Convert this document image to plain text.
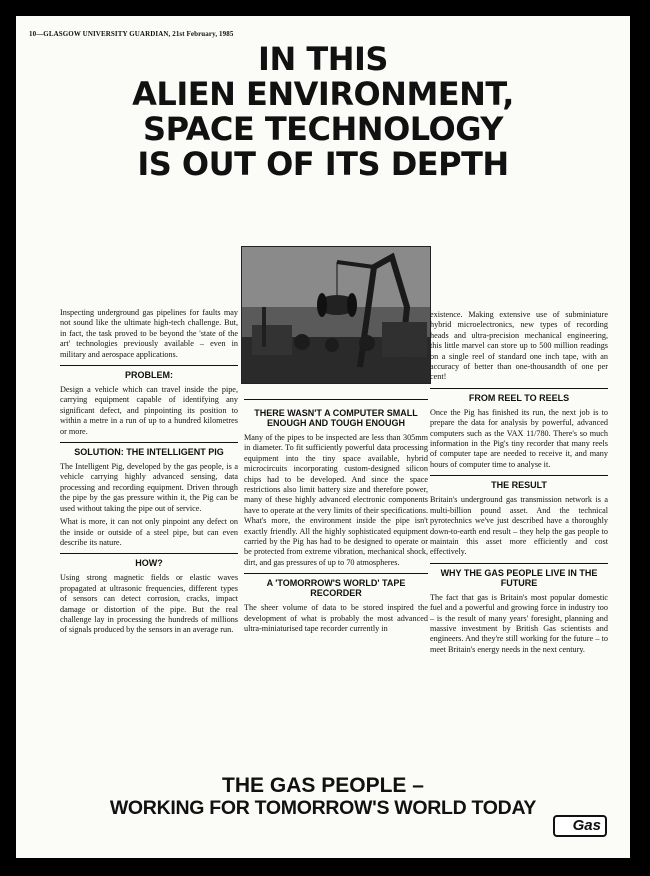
10—GLASGOW UNIVERSITY GUARDIAN, 21st February, 1985
IN THIS
ALIEN ENVIRONMENT,
SPACE TECHNOLOGY
IS OUT OF ITS DEPTH

Inspecting underground gas pipelines for faults may not sound like the ultimate high-tech challenge. But, in fact, the task proved to be beyond the 'state of the art' technologies previously available – even in military and aerospace applications.

PROBLEM:

Design a vehicle which can travel inside the pipe, carrying equipment capable of identifying any significant defect, and pinpointing its position to within a metre in a run of up to a hundred kilometres or more.

SOLUTION: THE INTELLIGENT PIG

The Intelligent Pig, developed by the gas people, is a vehicle carrying highly advanced sensing, data processing and recording equipment. Driven through the pipe by the gas pressure within it, the Pig can be used without taking the pipe out of service.

What is more, it can not only pinpoint any defect on the inside or outside of a steel pipe, but can even describe its nature.

HOW?

Using strong magnetic fields or elastic waves propagated at ultrasonic frequencies, different types of sensors can detect corrosion, cracks, impact damage or distortion of the pipe. But the real challenge lay in processing the hundreds of millions of signals produced by the sensors in an average run.

THERE WASN'T A COMPUTER SMALL ENOUGH AND TOUGH ENOUGH

Many of the pipes to be inspected are less than 305mm in diameter. To fit sufficiently powerful data processing equipment into the tiny space available, hybrid microcircuits incorporating custom-designed silicon chips had to be developed. And since the space restrictions also limit battery size and therefore power, many of these highly advanced electronic components have to operate at the very limits of their specifications. What's more, the environment inside the pipe isn't exactly friendly. All the highly sophisticated equipment carried by the Pig has had to be designed to operate or be protected from extreme vibration, mechanical shock, dirt, and gas pressures of up to 70 atmospheres.

A 'TOMORROW'S WORLD' TAPE RECORDER

The sheer volume of data to be stored inspired the development of what is probably the most advanced ultra-miniaturised tape recorder currently in

existence. Making extensive use of subminiature hybrid microelectronics, new types of recording heads and ultra-precision mechanical engineering, this little marvel can store up to 500 million readings on a single reel of standard one inch tape, with an accuracy of better than one-thousandth of one per cent!

FROM REEL TO REELS

Once the Pig has finished its run, the next job is to prepare the data for analysis by powerful, advanced computers such as the VAX 11/780. There's so much information in the Pig's tiny recorder that many reels of computer tape are needed to receive it, and many hours of computer time to analyse it.

THE RESULT

Britain's underground gas transmission network is a multi-billion pound asset. And the technical pyrotechnics we've just described have a thoroughly down-to-earth end result – they help the gas people to maintain this asset more efficiently and cost effectively.

WHY THE GAS PEOPLE LIVE IN THE FUTURE

The fact that gas is Britain's most popular domestic fuel and a powerful and growing force in industry too – is the result of many years' foresight, planning and massive investment by British Gas scientists and engineers. And they're still working for the future – to meet Britain's energy needs in the next century.

THE GAS PEOPLE –
WORKING FOR TOMORROW'S WORLD TODAY
Gas
